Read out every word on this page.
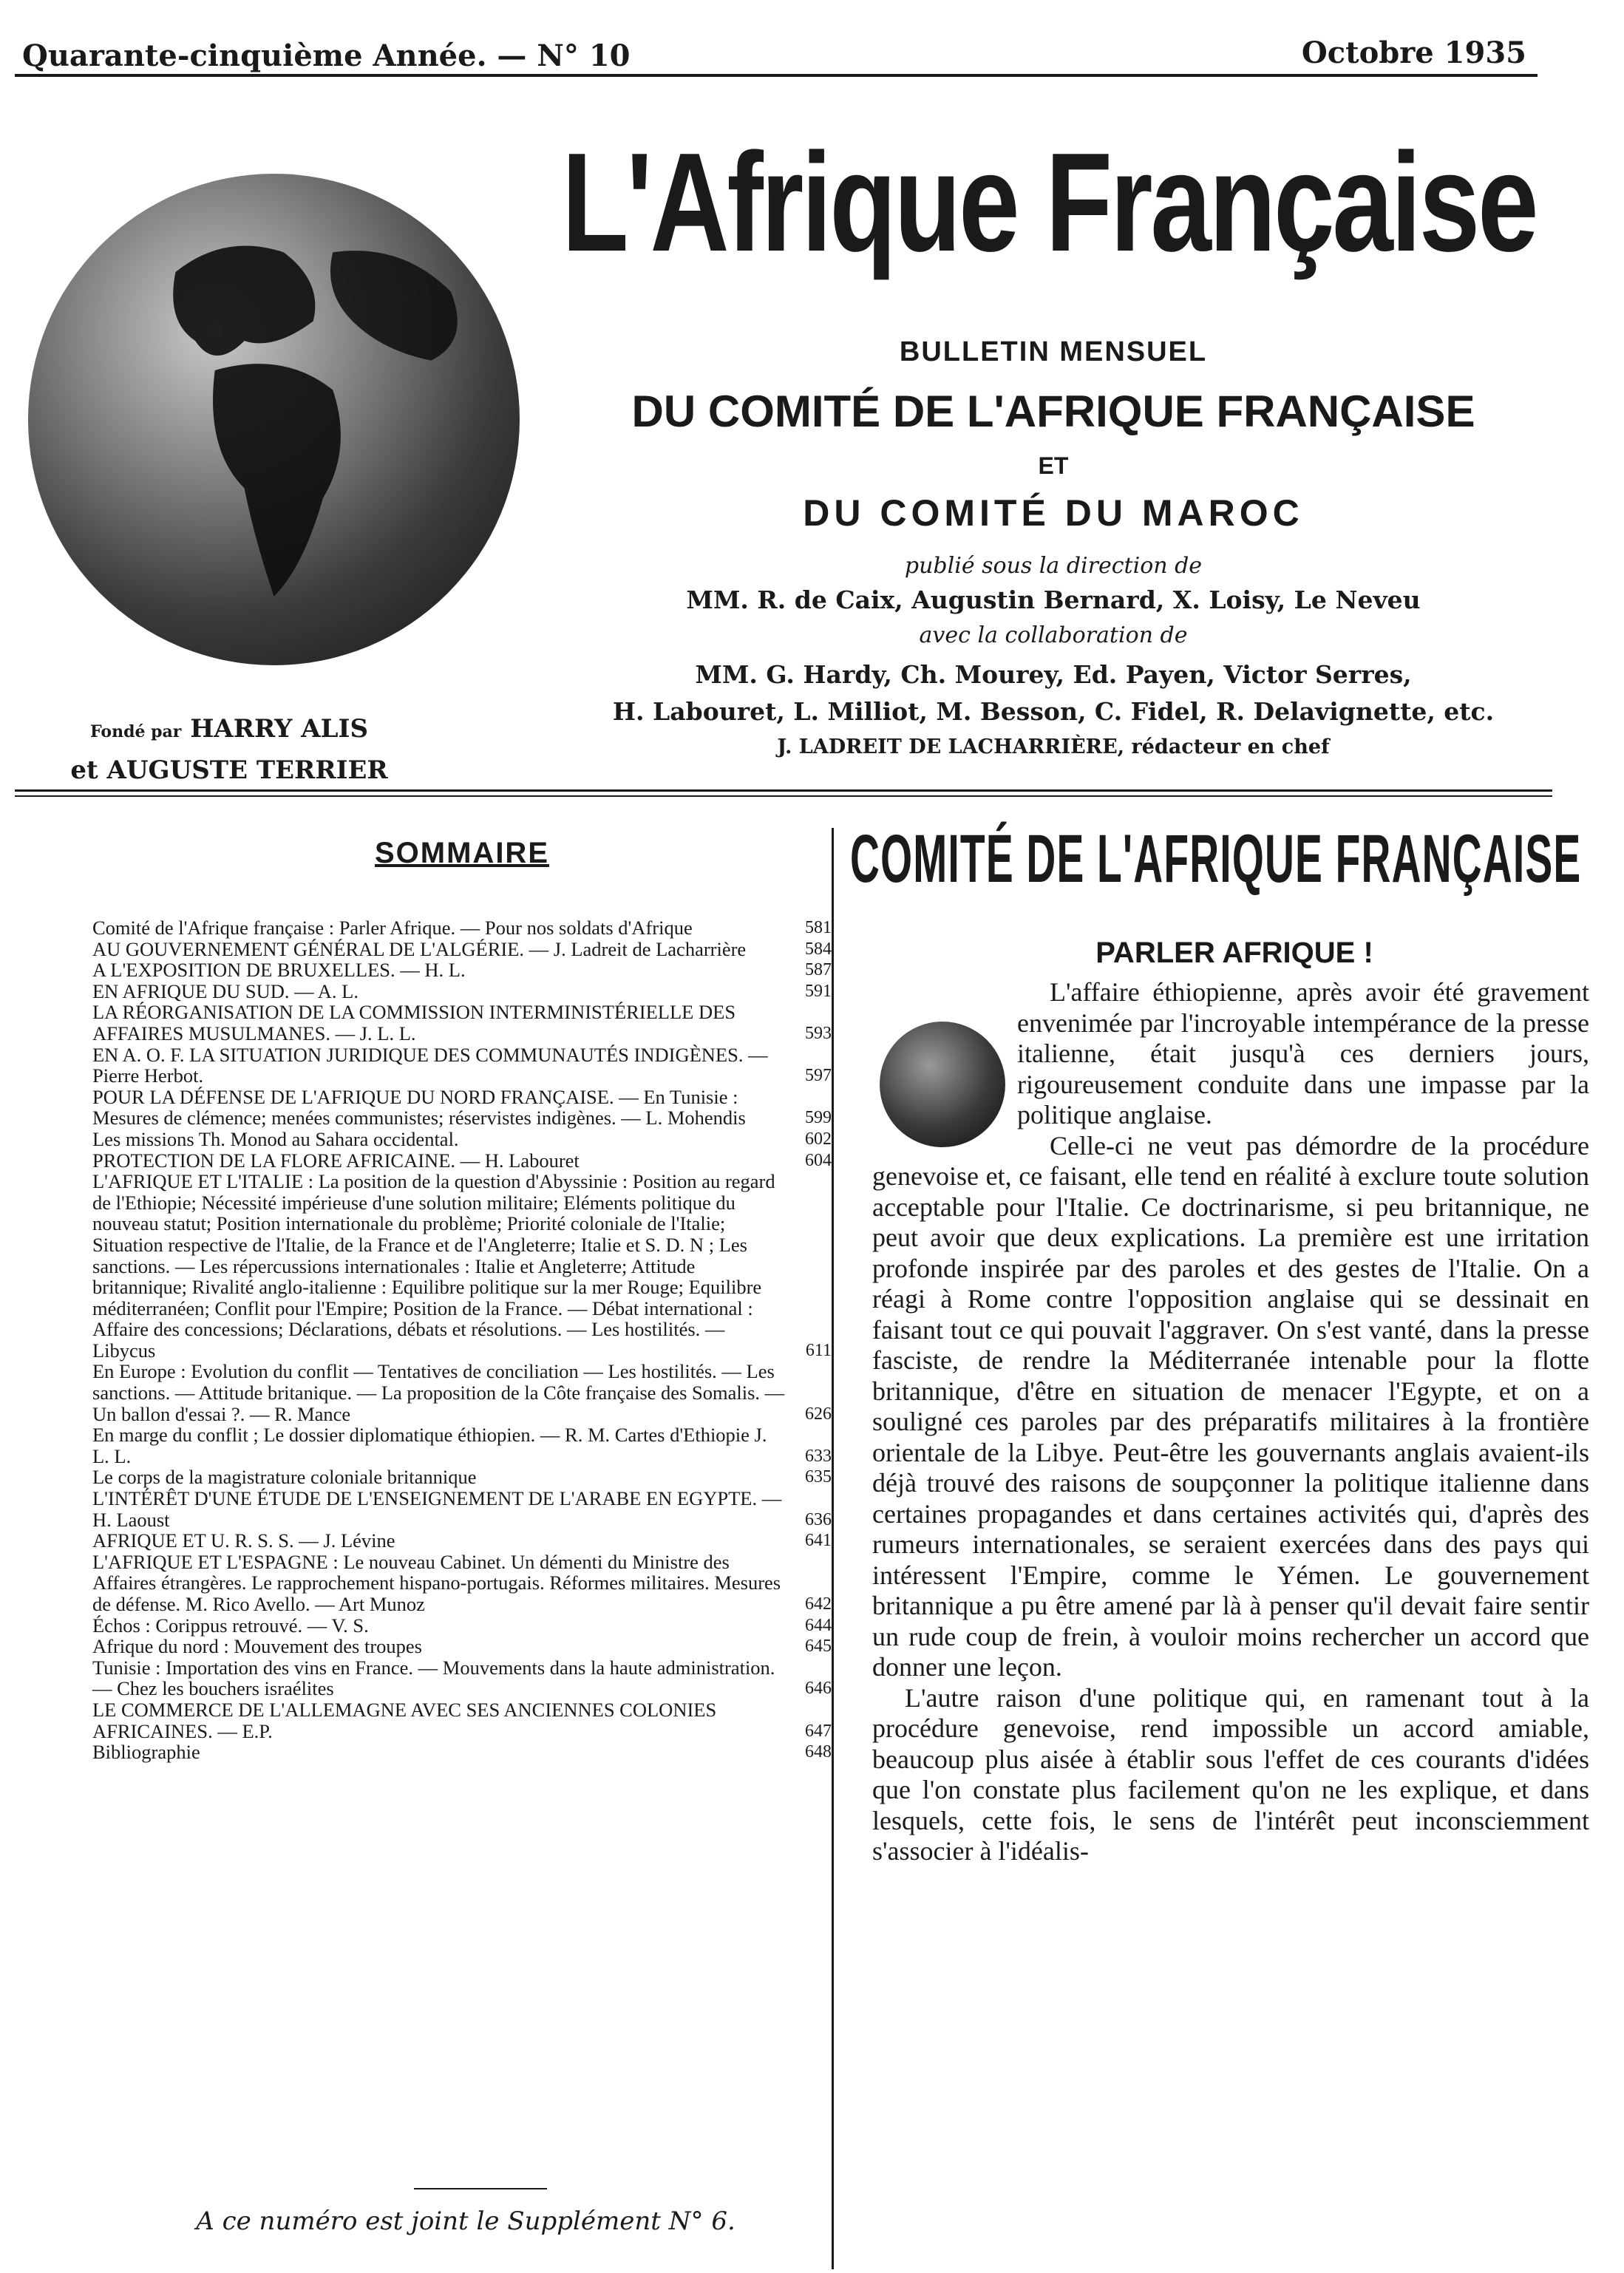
Quarante-cinquième Année. — N° 10	Octobre 1935
L'Afrique Française
BULLETIN MENSUEL
DU COMITÉ DE L'AFRIQUE FRANÇAISE
ET
DU COMITÉ DU MAROC
publié sous la direction de
MM. R. de Caix, Augustin Bernard, X. Loisy, Le Neveu
avec la collaboration de
MM. G. Hardy, Ch. Mourey, Ed. Payen, Victor Serres,
H. Labouret, L. Milliot, M. Besson, C. Fidel, R. Delavignette, etc.
J. LADREIT DE LACHARRIÈRE, rédacteur en chef
Fondé par HARRY ALIS
et AUGUSTE TERRIER
SOMMAIRE
Comité de l'Afrique française : Parler Afrique. — Pour nos soldats d'Afrique	581
AU GOUVERNEMENT GÉNÉRAL DE L'ALGÉRIE. — J. Ladreit de Lacharrière	584
A L'EXPOSITION DE BRUXELLES. — H. L.	587
EN AFRIQUE DU SUD. — A. L.	591
LA RÉORGANISATION DE LA COMMISSION INTERMINISTÉRIELLE DES AFFAIRES MUSULMANES. — J. L. L.	593
EN A. O. F. LA SITUATION JURIDIQUE DES COMMUNAUTÉS INDIGÈNES. — Pierre Herbot.	597
POUR LA DÉFENSE DE L'AFRIQUE DU NORD FRANÇAISE. — En Tunisie : Mesures de clémence; menées communistes; réservistes indigènes. — L. Mohendis	599
Les missions Th. Monod au Sahara occidental.	602
PROTECTION DE LA FLORE AFRICAINE. — H. Labouret	604
L'AFRIQUE ET L'ITALIE : La position de la question d'Abyssinie : Position au regard de l'Ethiopie; Nécessité impérieuse d'une solution militaire; Eléments politique du nouveau statut; Position internationale du problème; Priorité coloniale de l'Italie; Situation respective de l'Italie, de la France et de l'Angleterre; Italie et S. D. N ; Les sanctions. — Les répercussions internationales : Italie et Angleterre; Attitude britannique; Rivalité anglo-italienne : Equilibre politique sur la mer Rouge; Equilibre méditerranéen; Conflit pour l'Empire; Position de la France. — Débat international : Affaire des concessions; Déclarations, débats et résolutions. — Les hostilités. — Libycus	611
En Europe : Evolution du conflit — Tentatives de conciliation — Les hostilités. — Les sanctions. — Attitude britanique. — La proposition de la Côte française des Somalis. — Un ballon d'essai ?. — R. Mance	626
En marge du conflit ; Le dossier diplomatique éthiopien. — R. M. Cartes d'Ethiopie J. L. L.	633
Le corps de la magistrature coloniale britannique	635
L'INTÉRÊT D'UNE ÉTUDE DE L'ENSEIGNEMENT DE L'ARABE EN EGYPTE. — H. Laoust	636
AFRIQUE ET U. R. S. S. — J. Lévine	641
L'AFRIQUE ET L'ESPAGNE : Le nouveau Cabinet. Un démenti du Ministre des Affaires étrangères. Le rapprochement hispano-portugais. Réformes militaires. Mesures de défense. M. Rico Avello. — Art Munoz	642
Échos : Corippus retrouvé. — V. S.	644
Afrique du nord : Mouvement des troupes	645
Tunisie : Importation des vins en France. — Mouvements dans la haute administration. — Chez les bouchers israélites	646
LE COMMERCE DE L'ALLEMAGNE AVEC SES ANCIENNES COLONIES AFRICAINES. — E.P.	647
Bibliographie	648
A ce numéro est joint le Supplément N° 6.
COMITÉ DE L'AFRIQUE FRANÇAISE
PARLER AFRIQUE !

L'affaire éthiopienne, après avoir été gravement envenimée par l'incroyable intempérance de la presse italienne, était jusqu'à ces derniers jours, rigoureusement conduite dans une impasse par la politique anglaise.

Celle-ci ne veut pas démordre de la procédure genevoise et, ce faisant, elle tend en réalité à exclure toute solution acceptable pour l'Italie. Ce doctrinarisme, si peu britannique, ne peut avoir que deux explications. La première est une irritation profonde inspirée par des paroles et des gestes de l'Italie. On a réagi à Rome contre l'opposition anglaise qui se dessinait en faisant tout ce qui pouvait l'aggraver. On s'est vanté, dans la presse fasciste, de rendre la Méditerranée intenable pour la flotte britannique, d'être en situation de menacer l'Egypte, et on a souligné ces paroles par des préparatifs militaires à la frontière orientale de la Libye. Peut-être les gouvernants anglais avaient-ils déjà trouvé des raisons de soupçonner la politique italienne dans certaines propagandes et dans certaines activités qui, d'après des rumeurs internationales, se seraient exercées dans des pays qui intéressent l'Empire, comme le Yémen. Le gouvernement britannique a pu être amené par là à penser qu'il devait faire sentir un rude coup de frein, à vouloir moins rechercher un accord que donner une leçon.

L'autre raison d'une politique qui, en ramenant tout à la procédure genevoise, rend impossible un accord amiable, beaucoup plus aisée à établir sous l'effet de ces courants d'idées que l'on constate plus facilement qu'on ne les explique, et dans lesquels, cette fois, le sens de l'intérêt peut inconsciemment s'associer à l'idéalis-
